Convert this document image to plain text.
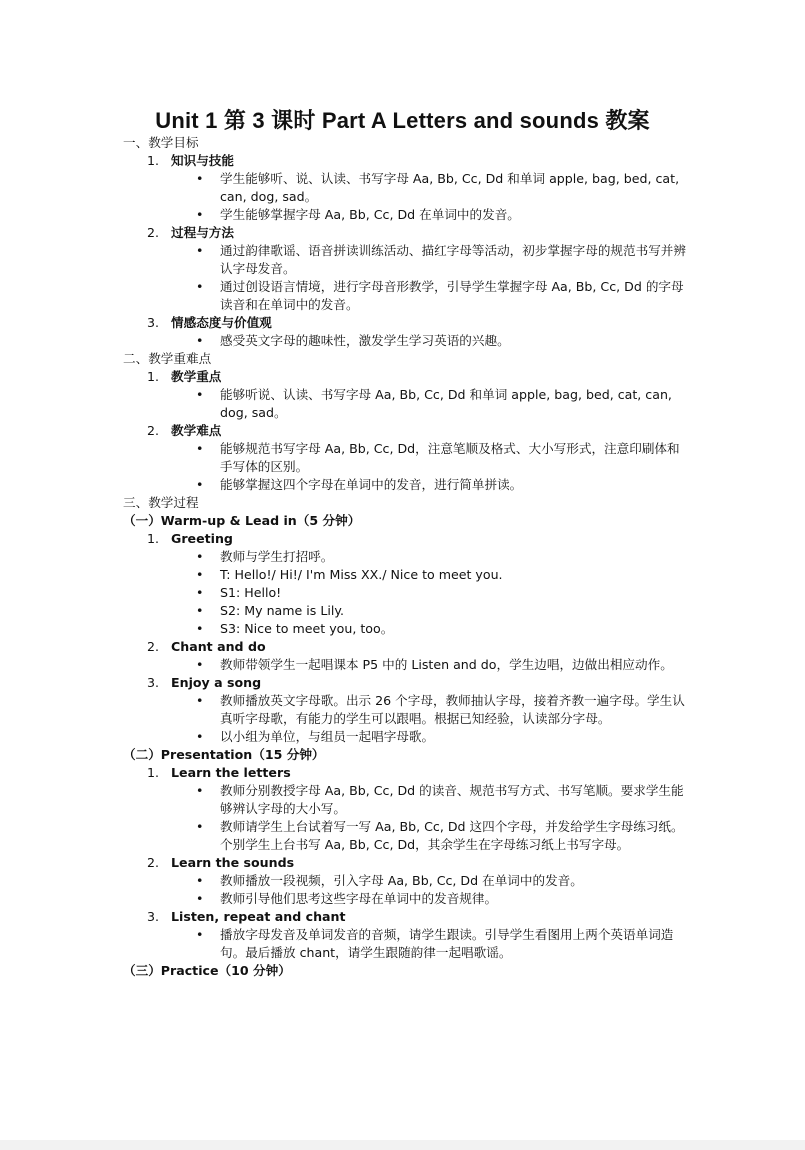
Unit 1 第 3 课时 Part A Letters and sounds 教案
一、教学目标
1. 知识与技能
• 学生能够听、说、认读、书写字母 Aa, Bb, Cc, Dd 和单词 apple, bag, bed, cat, can, dog, sad。
• 学生能够掌握字母 Aa, Bb, Cc, Dd 在单词中的发音。
2. 过程与方法
• 通过韵律歌谣、语音拼读训练活动、描红字母等活动，初步掌握字母的规范书写并辨认字母发音。
• 通过创设语言情境，进行字母音形教学，引导学生掌握字母 Aa, Bb, Cc, Dd 的字母读音和在单词中的发音。
3. 情感态度与价值观
• 感受英文字母的趣味性，激发学生学习英语的兴趣。
二、教学重难点
1. 教学重点
• 能够听说、认读、书写字母 Aa, Bb, Cc, Dd 和单词 apple, bag, bed, cat, can, dog, sad。
2. 教学难点
• 能够规范书写字母 Aa, Bb, Cc, Dd，注意笔顺及格式、大小写形式，注意印刷体和手写体的区别。
• 能够掌握这四个字母在单词中的发音，进行简单拼读。
三、教学过程
（一）Warm-up & Lead in（5 分钟）
1. Greeting
• 教师与学生打招呼。
• T: Hello!/ Hi!/ I'm Miss XX./ Nice to meet you.
• S1: Hello!
• S2: My name is Lily.
• S3: Nice to meet you, too。
2. Chant and do
• 教师带领学生一起唱课本 P5 中的 Listen and do，学生边唱，边做出相应动作。
3. Enjoy a song
• 教师播放英文字母歌。出示 26 个字母，教师抽认字母，接着齐教一遍字母。学生认真听字母歌，有能力的学生可以跟唱。根据已知经验，认读部分字母。
• 以小组为单位，与组员一起唱字母歌。
（二）Presentation（15 分钟）
1. Learn the letters
• 教师分别教授字母 Aa, Bb, Cc, Dd 的读音、规范书写方式、书写笔顺。要求学生能够辨认字母的大小写。
• 教师请学生上台试着写一写 Aa, Bb, Cc, Dd 这四个字母，并发给学生字母练习纸。个别学生上台书写 Aa, Bb, Cc, Dd，其余学生在字母练习纸上书写字母。
2. Learn the sounds
• 教师播放一段视频，引入字母 Aa, Bb, Cc, Dd 在单词中的发音。
• 教师引导他们思考这些字母在单词中的发音规律。
3. Listen, repeat and chant
• 播放字母发音及单词发音的音频，请学生跟读。引导学生看图用上两个英语单词造句。最后播放 chant，请学生跟随韵律一起唱歌谣。
（三）Practice（10 分钟）
